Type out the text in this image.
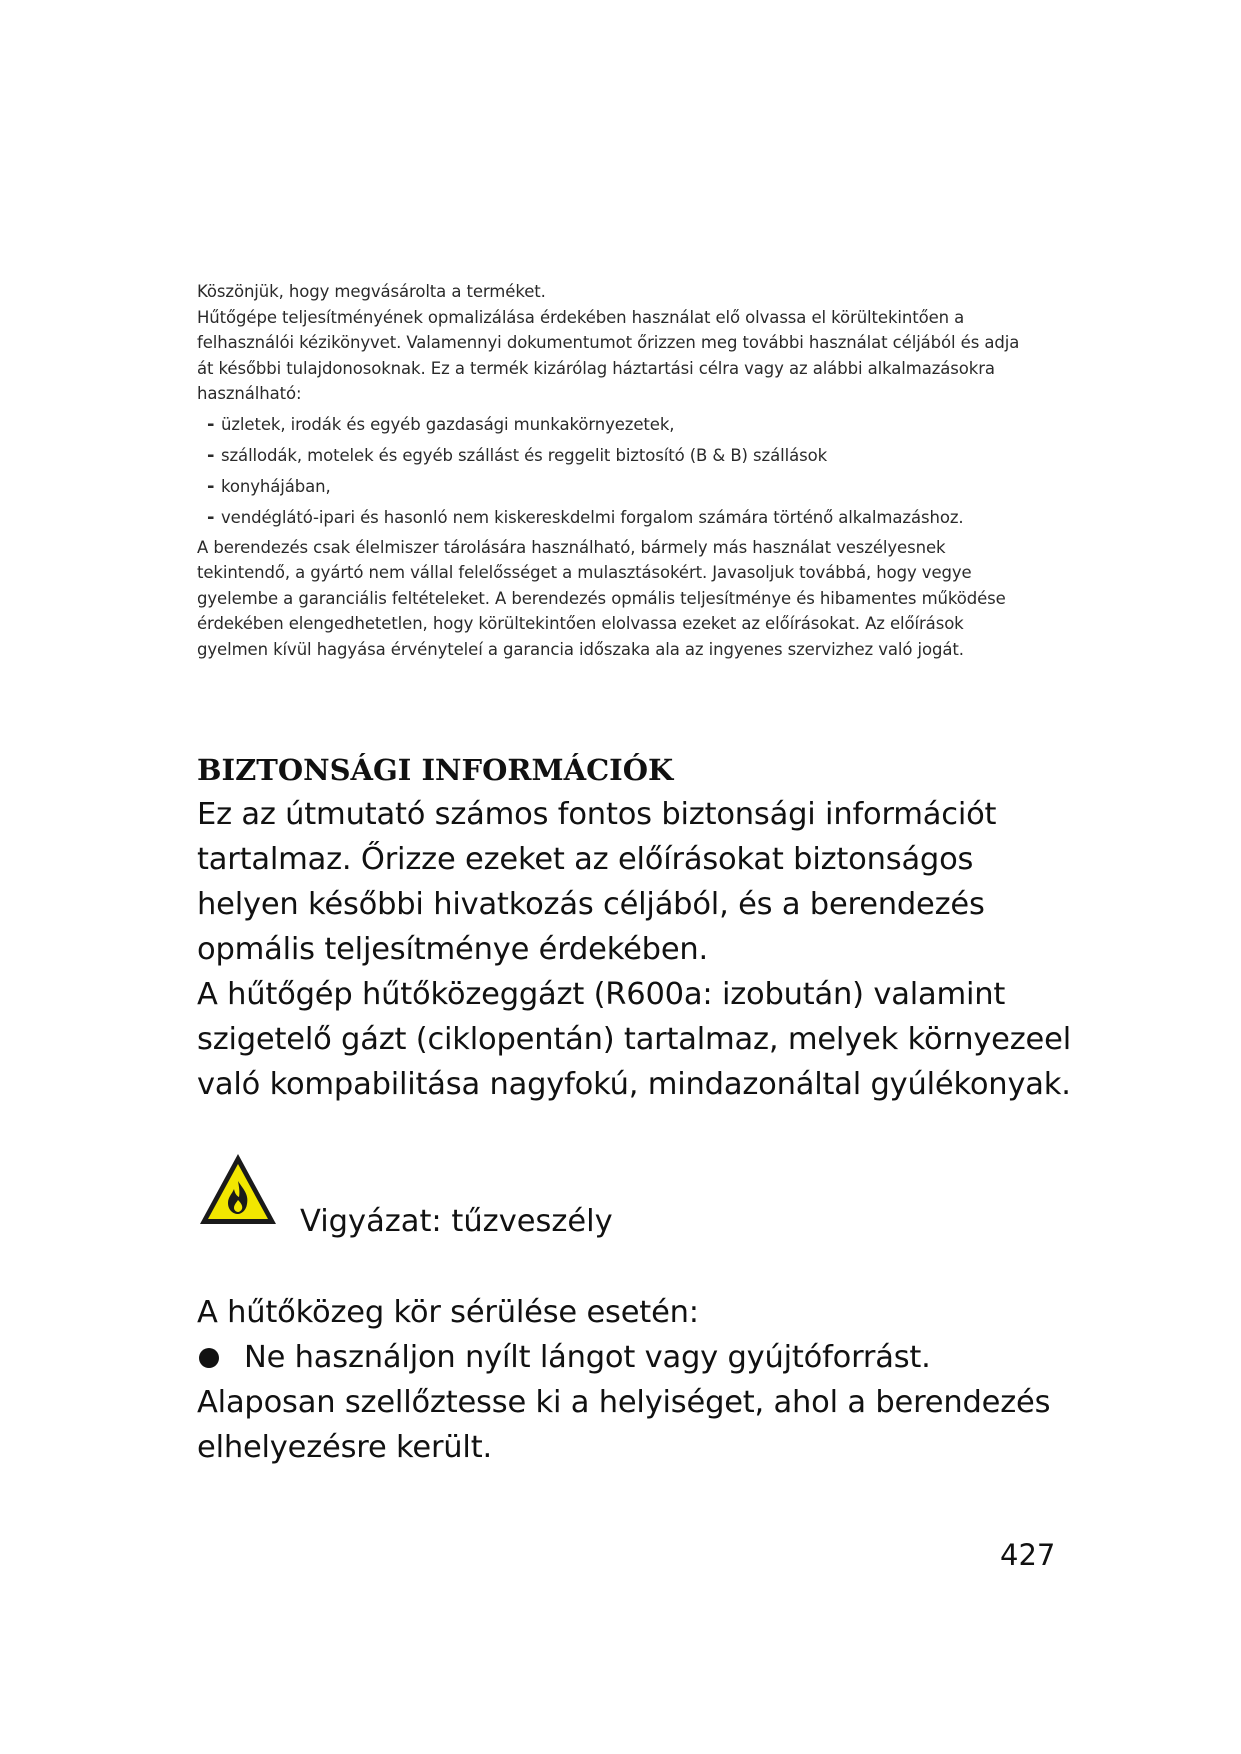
Köszönjük, hogy megvásárolta a terméket.

Hűtőgépe teljesítményének opmalizálása érdekében használat elő olvassa el körültekintően a felhasználói kézikönyvet. Valamennyi dokumentumot őrizzen meg további használat céljából és adja át későbbi tulajdonosoknak. Ez a termék kizárólag háztartási célra vagy az alábbi alkalmazásokra használható:

- üzletek, irodák és egyéb gazdasági munkakörnyezetek,
- szállodák, motelek és egyéb szállást és reggelit biztosító (B & B) szállások
- konyhájában,
- vendéglátó-ipari és hasonló nem kiskereskdelmi forgalom számára történő alkalmazáshoz.

A berendezés csak élelmiszer tárolására használható, bármely más használat veszélyesnek tekintendő, a gyártó nem vállal felelősséget a mulasztásokért. Javasoljuk továbbá, hogy vegye gyelembe a garanciális feltételeket. A berendezés opmális teljesítménye és hibamentes működése érdekében elengedhetetlen, hogy körültekintően elolvassa ezeket az előírásokat. Az előírások gyelmen kívül hagyása érvényteleí a garancia időszaka ala az ingyenes szervizhez való jogát.

BIZTONSÁGI INFORMÁCIÓK

Ez az útmutató számos fontos biztonsági információt tartalmaz. Őrizze ezeket az előírásokat biztonságos helyen későbbi hivatkozás céljából, és a berendezés opmális teljesítménye érdekében.

A hűtőgép hűtőközeggázt (R600a: izobután) valamint szigetelő gázt (ciklopentán) tartalmaz, melyek környezeel való kompabilitása nagyfokú, mindazonáltal gyúlékonyak.

Vigyázat: tűzveszély

A hűtőközeg kör sérülése esetén:

Ne használjon nyílt lángot vagy gyújtóforrást.

Alaposan szellőztesse ki a helyiséget, ahol a berendezés elhelyezésre került.

427
